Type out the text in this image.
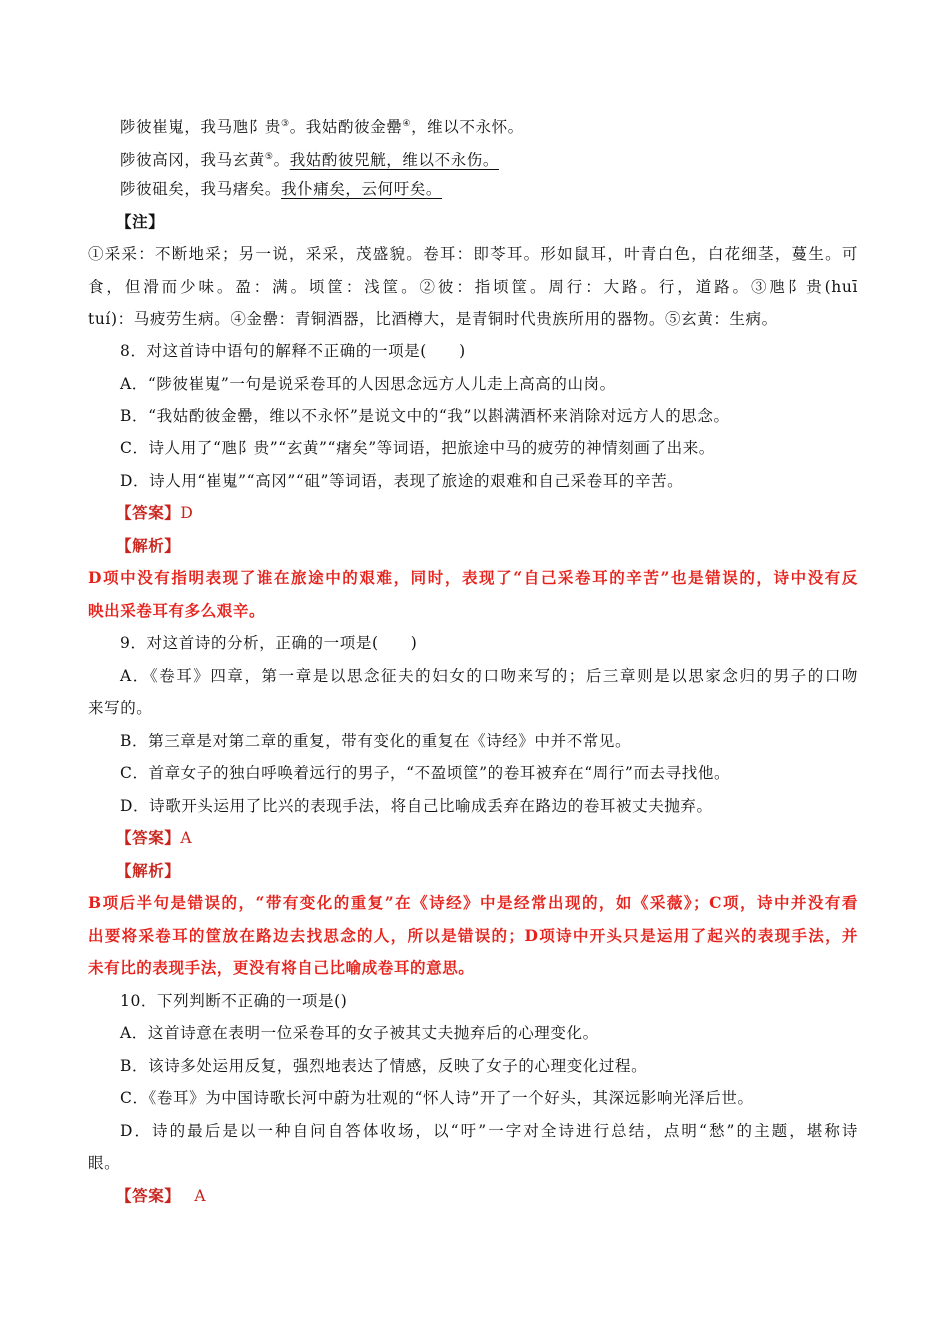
陟彼崔嵬，我马虺阝贵③。我姑酌彼金罍④，维以不永怀。
陟彼高冈，我马玄黄⑤。我姑酌彼兕觥，维以不永伤。
陟彼砠矣，我马瘏矣。我仆痡矣，云何吁矣。
【注】
①采采：不断地采；另一说，采采，茂盛貌。卷耳：即苓耳。形如鼠耳，叶青白色，白花细茎，蔓生。可
食，但滑而少味。盈：满。顷筐：浅筐。②彼：指顷筐。周行：大路。行，道路。③虺阝贵(huī
tuí)：马疲劳生病。④金罍：青铜酒器，比酒樽大，是青铜时代贵族所用的器物。⑤玄黄：生病。
8．对这首诗中语句的解释不正确的一项是(　　)
A．“陟彼崔嵬”一句是说采卷耳的人因思念远方人儿走上高高的山岗。
B．“我姑酌彼金罍，维以不永怀”是说文中的“我”以斟满酒杯来消除对远方人的思念。
C．诗人用了“虺阝贵”“玄黄”“瘏矣”等词语，把旅途中马的疲劳的神情刻画了出来。
D．诗人用“崔嵬”“高冈”“砠”等词语，表现了旅途的艰难和自己采卷耳的辛苦。
【答案】D
【解析】
D项中没有指明表现了谁在旅途中的艰难，同时，表现了“自己采卷耳的辛苦”也是错误的，诗中没有反
映出采卷耳有多么艰辛。
9．对这首诗的分析，正确的一项是(　　)
A．《卷耳》四章，第一章是以思念征夫的妇女的口吻来写的；后三章则是以思家念归的男子的口吻
来写的。
B．第三章是对第二章的重复，带有变化的重复在《诗经》中并不常见。
C．首章女子的独白呼唤着远行的男子，“不盈顷筐”的卷耳被弃在“周行”而去寻找他。
D．诗歌开头运用了比兴的表现手法，将自己比喻成丢弃在路边的卷耳被丈夫抛弃。
【答案】A
【解析】
B项后半句是错误的，“带有变化的重复”在《诗经》中是经常出现的，如《采薇》；C项，诗中并没有看
出要将采卷耳的筐放在路边去找思念的人，所以是错误的；D项诗中开头只是运用了起兴的表现手法，并
未有比的表现手法，更没有将自己比喻成卷耳的意思。
10．下列判断不正确的一项是()
A．这首诗意在表明一位采卷耳的女子被其丈夫抛弃后的心理变化。
B．该诗多处运用反复，强烈地表达了情感，反映了女子的心理变化过程。
C．《卷耳》为中国诗歌长河中蔚为壮观的“怀人诗”开了一个好头，其深远影响光泽后世。
D．诗的最后是以一种自问自答体收场，以“吁”一字对全诗进行总结，点明“愁”的主题，堪称诗
眼。
【答案】 A
